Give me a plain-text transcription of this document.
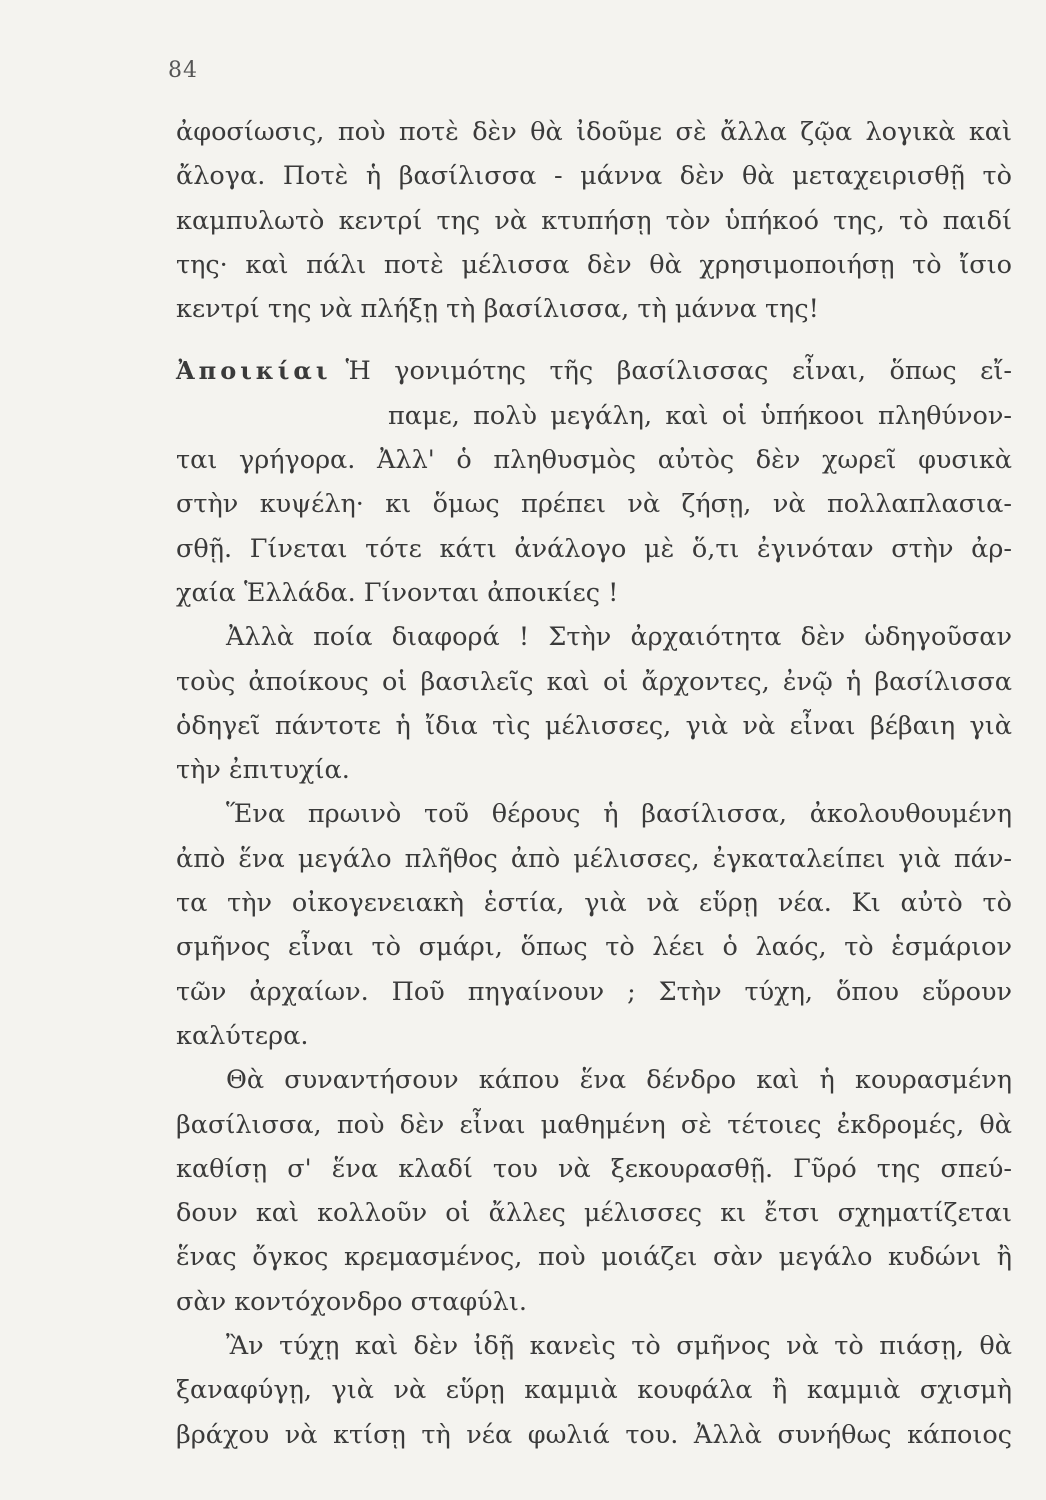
84
ἀφοσίωσις, ποὺ ποτὲ δὲν θὰ ἰδοῦμε σὲ ἄλλα ζῷα λογικὰ καὶ
ἄλογα. Ποτὲ ἡ βασίλισσα - μάννα δὲν θὰ μεταχειρισθῇ τὸ
καμπυλωτὸ κεντρί της νὰ κτυπήσῃ τὸν ὑπήκοό της, τὸ παιδί
της· καὶ πάλι ποτὲ μέλισσα δὲν θὰ χρησιμοποιήσῃ τὸ ἴσιο
κεντρί της νὰ πλήξῃ τὴ βασίλισσα, τὴ μάννα της!
Ἀποικίαι Ἡ γονιμότης τῆς βασίλισσας εἶναι, ὅπως εἴ-
παμε, πολὺ μεγάλη, καὶ οἱ ὑπήκοοι πληθύνον-
ται γρήγορα. Ἀλλ' ὁ πληθυσμὸς αὐτὸς δὲν χωρεῖ φυσικὰ
στὴν κυψέλη· κι ὅμως πρέπει νὰ ζήσῃ, νὰ πολλαπλασια-
σθῇ. Γίνεται τότε κάτι ἀνάλογο μὲ ὅ,τι ἐγινόταν στὴν ἀρ-
χαία Ἑλλάδα. Γίνονται ἀποικίες !
Ἀλλὰ ποία διαφορά ! Στὴν ἀρχαιότητα δὲν ὡδηγοῦσαν
τοὺς ἀποίκους οἱ βασιλεῖς καὶ οἱ ἄρχοντες, ἐνῷ ἡ βασίλισσα
ὁδηγεῖ πάντοτε ἡ ἴδια τὶς μέλισσες, γιὰ νὰ εἶναι βέβαιη γιὰ
τὴν ἐπιτυχία.
Ἕνα πρωινὸ τοῦ θέρους ἡ βασίλισσα, ἀκολουθουμένη
ἀπὸ ἕνα μεγάλο πλῆθος ἀπὸ μέλισσες, ἐγκαταλείπει γιὰ πάν-
τα τὴν οἰκογενειακὴ ἑστία, γιὰ νὰ εὕρῃ νέα. Κι αὐτὸ τὸ
σμῆνος εἶναι τὸ σμάρι, ὅπως τὸ λέει ὁ λαός, τὸ ἑσμάριον
τῶν ἀρχαίων. Ποῦ πηγαίνουν ; Στὴν τύχη, ὅπου εὕρουν
καλύτερα.
Θὰ συναντήσουν κάπου ἕνα δένδρο καὶ ἡ κουρασμένη
βασίλισσα, ποὺ δὲν εἶναι μαθημένη σὲ τέτοιες ἐκδρομές, θὰ
καθίσῃ σ' ἕνα κλαδί του νὰ ξεκουρασθῇ. Γῦρό της σπεύ-
δουν καὶ κολλοῦν οἱ ἄλλες μέλισσες κι ἔτσι σχηματίζεται
ἕνας ὄγκος κρεμασμένος, ποὺ μοιάζει σὰν μεγάλο κυδώνι ἢ
σὰν κοντόχονδρο σταφύλι.
Ἂν τύχῃ καὶ δὲν ἰδῇ κανεὶς τὸ σμῆνος νὰ τὸ πιάσῃ, θὰ
ξαναφύγῃ, γιὰ νὰ εὕρῃ καμμιὰ κουφάλα ἢ καμμιὰ σχισμὴ
βράχου νὰ κτίσῃ τὴ νέα φωλιά του. Ἀλλὰ συνήθως κάποιος
